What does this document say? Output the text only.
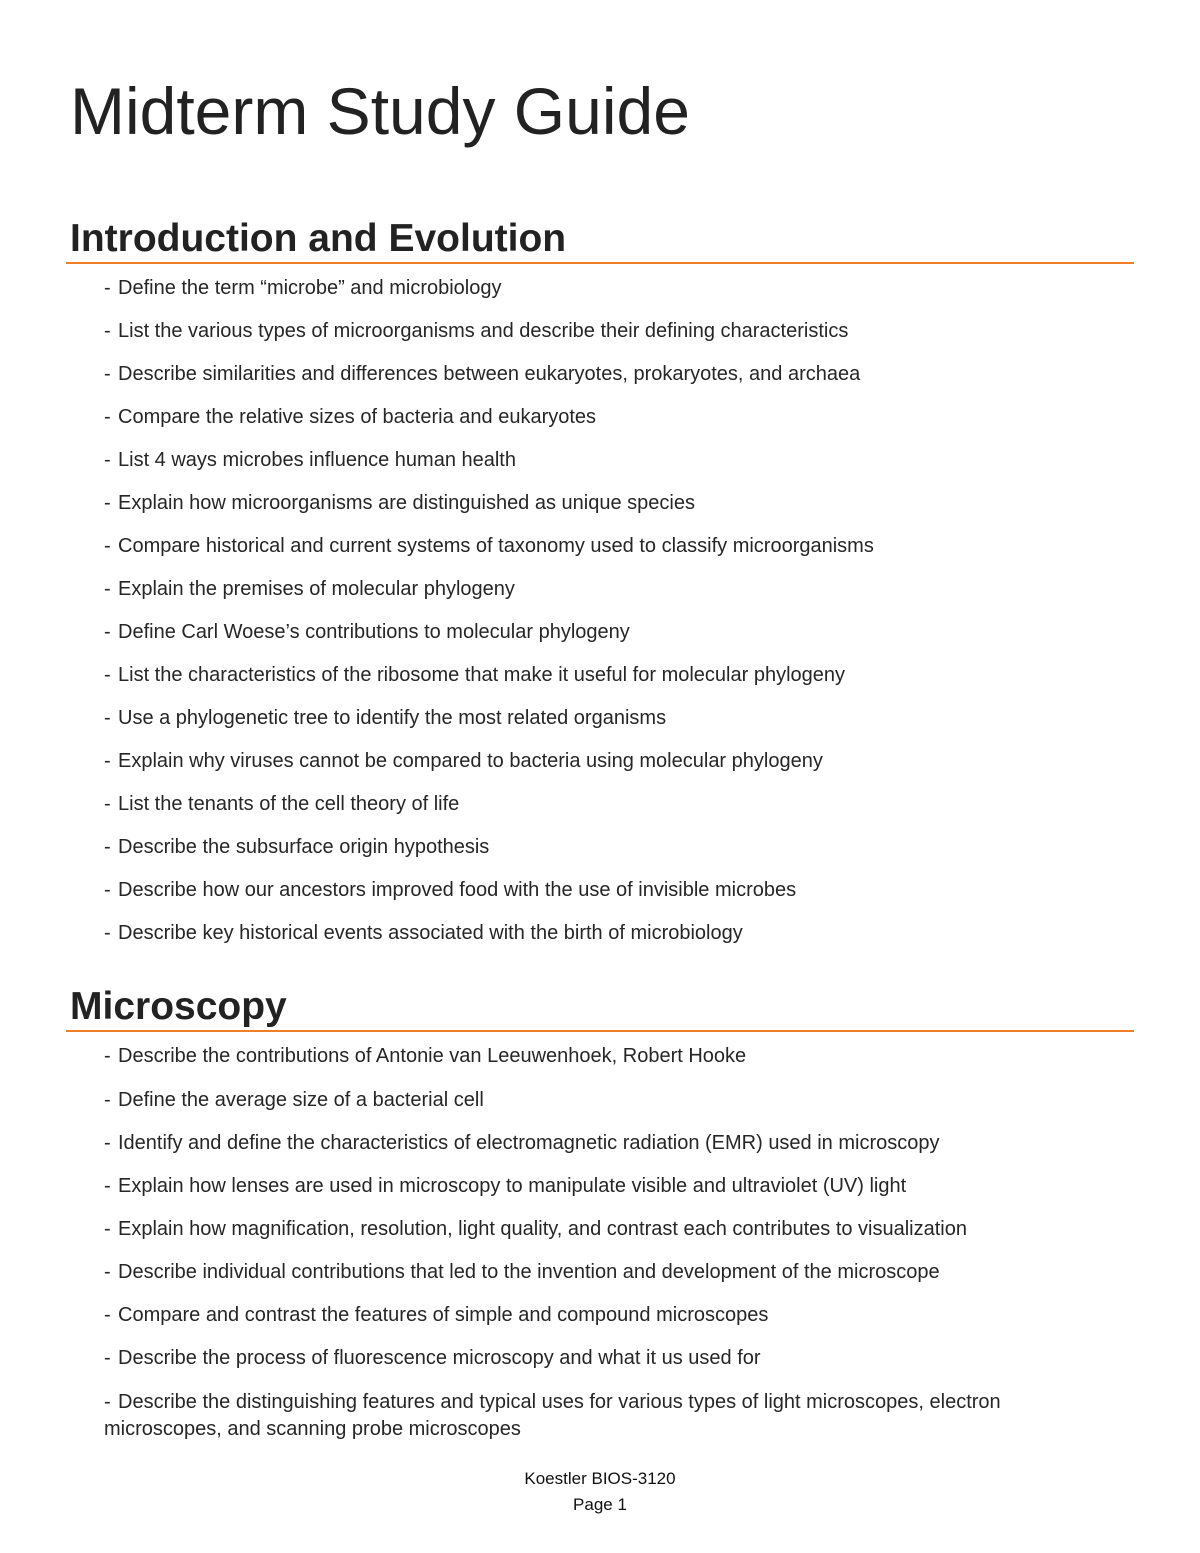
Midterm Study Guide
Introduction and Evolution
- Define the term “microbe” and microbiology
- List the various types of microorganisms and describe their defining characteristics
- Describe similarities and differences between eukaryotes, prokaryotes, and archaea
- Compare the relative sizes of bacteria and eukaryotes
- List 4 ways microbes influence human health
- Explain how microorganisms are distinguished as unique species
- Compare historical and current systems of taxonomy used to classify microorganisms
- Explain the premises of molecular phylogeny
- Define Carl Woese’s contributions to molecular phylogeny
- List the characteristics of the ribosome that make it useful for molecular phylogeny
- Use a phylogenetic tree to identify the most related organisms
- Explain why viruses cannot be compared to bacteria using molecular phylogeny
- List the tenants of the cell theory of life
- Describe the subsurface origin hypothesis
- Describe how our ancestors improved food with the use of invisible microbes
- Describe key historical events associated with the birth of microbiology
Microscopy
- Describe the contributions of Antonie van Leeuwenhoek, Robert Hooke
- Define the average size of a bacterial cell
- Identify and define the characteristics of electromagnetic radiation (EMR) used in microscopy
- Explain how lenses are used in microscopy to manipulate visible and ultraviolet (UV) light
- Explain how magnification, resolution, light quality, and contrast each contributes to visualization
- Describe individual contributions that led to the invention and development of the microscope
- Compare and contrast the features of simple and compound microscopes
- Describe the process of fluorescence microscopy and what it us used for
- Describe the distinguishing features and typical uses for various types of light microscopes, electron microscopes, and scanning probe microscopes
Koestler BIOS-3120
Page 1
